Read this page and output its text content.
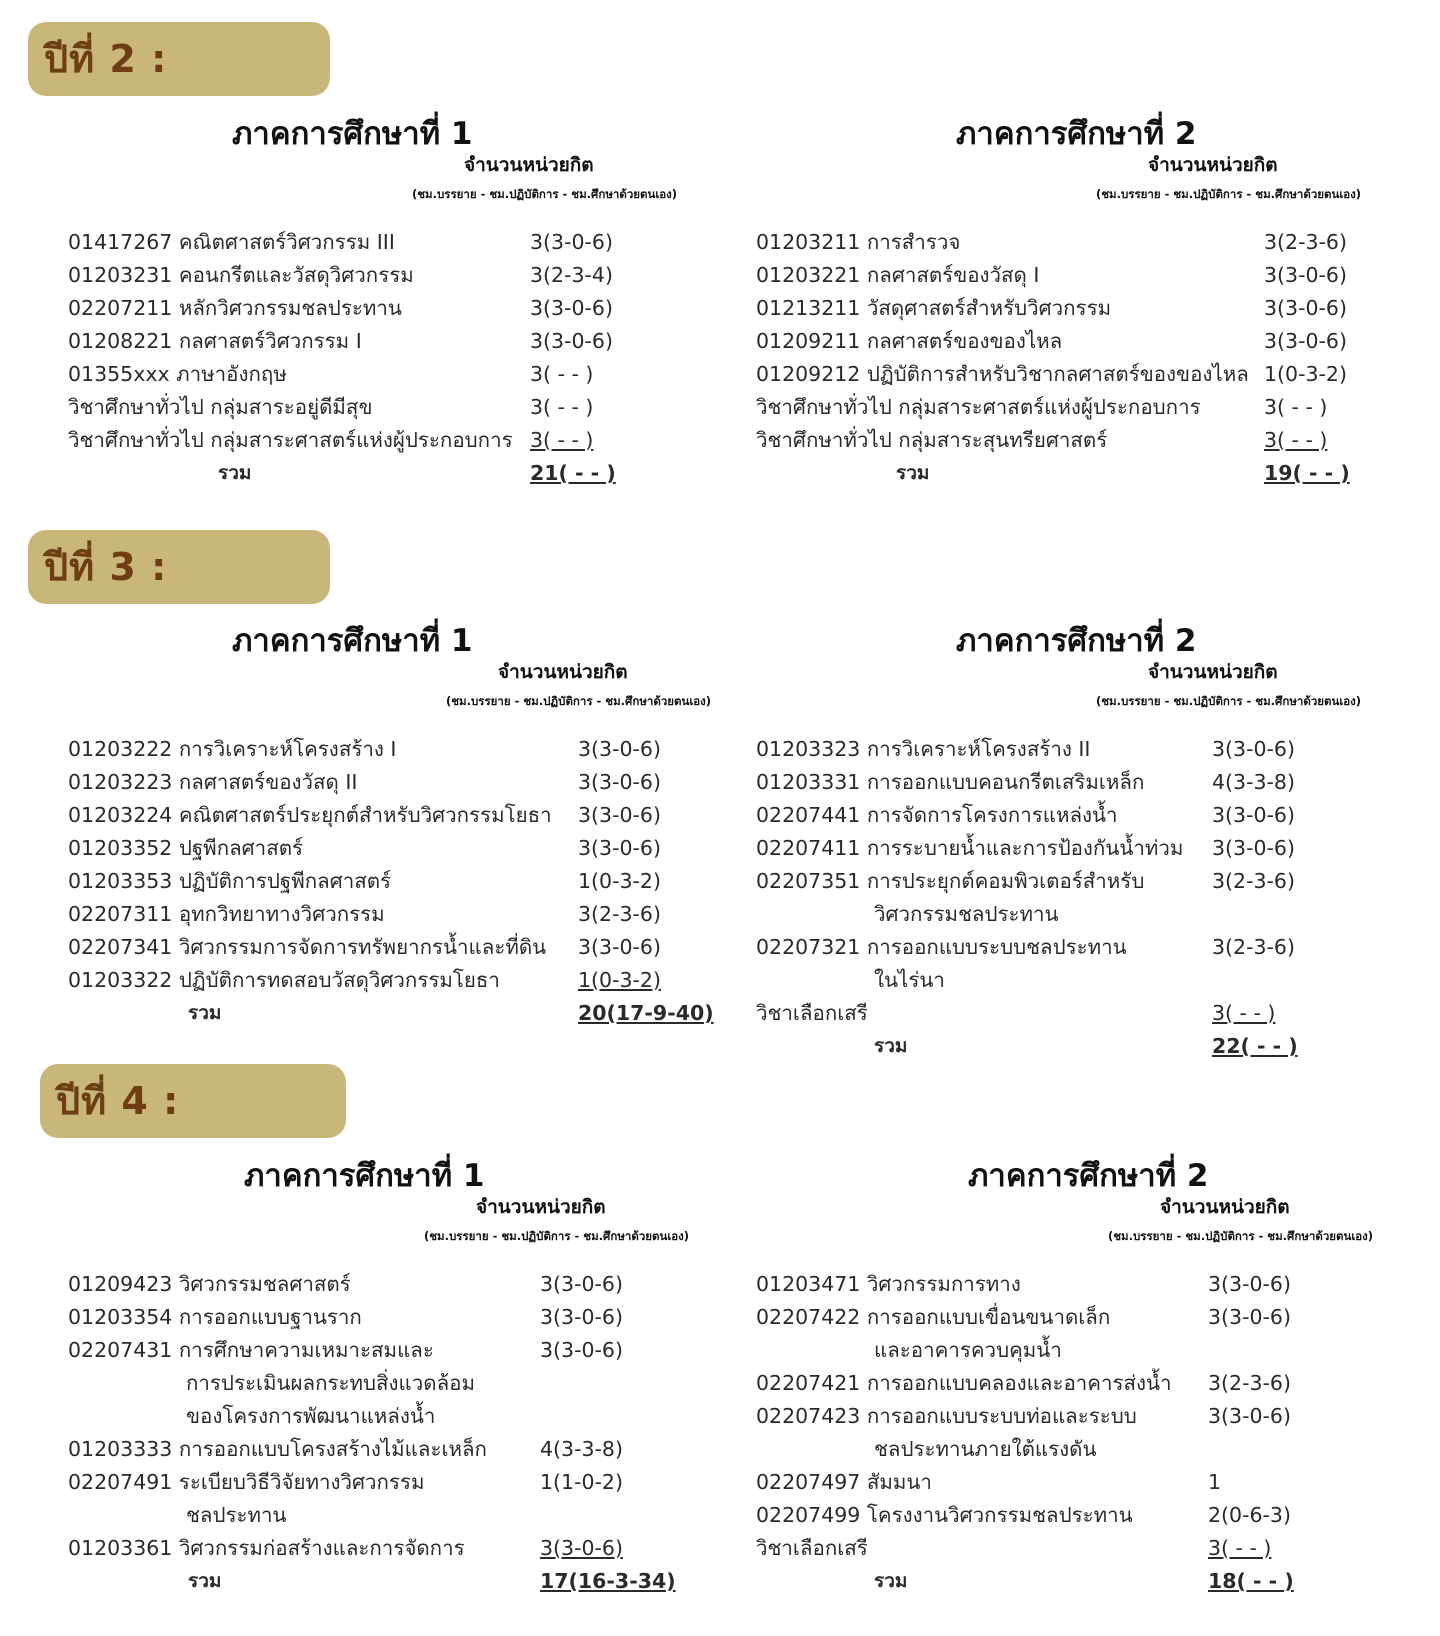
ปีที่ 2 :
ภาคการศึกษาที่ 1
จำนวนหน่วยกิต
(ชม.บรรยาย - ชม.ปฏิบัติการ - ชม.ศึกษาด้วยตนเอง)
01417267 คณิตศาสตร์วิศวกรรม III	3(3-0-6)
01203231 คอนกรีตและวัสดุวิศวกรรม	3(2-3-4)
02207211 หลักวิศวกรรมชลประทาน	3(3-0-6)
01208221 กลศาสตร์วิศวกรรม I	3(3-0-6)
01355xxx ภาษาอังกฤษ	3( - - )
วิชาศึกษาทั่วไป กลุ่มสาระอยู่ดีมีสุข	3( - - )
วิชาศึกษาทั่วไป กลุ่มสาระศาสตร์แห่งผู้ประกอบการ 3( - - )
รวม	21( - - )
ภาคการศึกษาที่ 2
จำนวนหน่วยกิต
(ชม.บรรยาย - ชม.ปฏิบัติการ - ชม.ศึกษาด้วยตนเอง)
01203211 การสำรวจ	3(2-3-6)
01203221 กลศาสตร์ของวัสดุ I	3(3-0-6)
01213211 วัสดุศาสตร์สำหรับวิศวกรรม	3(3-0-6)
01209211 กลศาสตร์ของของไหล	3(3-0-6)
01209212 ปฏิบัติการสำหรับวิชากลศาสตร์ของของไหล 1(0-3-2)
วิชาศึกษาทั่วไป กลุ่มสาระศาสตร์แห่งผู้ประกอบการ	3( - - )
วิชาศึกษาทั่วไป กลุ่มสาระสุนทรียศาสตร์	3( - - )
รวม	19( - - )
ปีที่ 3 :
ภาคการศึกษาที่ 1
จำนวนหน่วยกิต
(ชม.บรรยาย - ชม.ปฏิบัติการ - ชม.ศึกษาด้วยตนเอง)
01203222 การวิเคราะห์โครงสร้าง I	3(3-0-6)
01203223 กลศาสตร์ของวัสดุ II	3(3-0-6)
01203224 คณิตศาสตร์ประยุกต์สำหรับวิศวกรรมโยธา 3(3-0-6)
01203352 ปฐพีกลศาสตร์	3(3-0-6)
01203353 ปฏิบัติการปฐพีกลศาสตร์	1(0-3-2)
02207311 อุทกวิทยาทางวิศวกรรม	3(2-3-6)
02207341 วิศวกรรมการจัดการทรัพยากรน้ำและที่ดิน 3(3-0-6)
01203322 ปฏิบัติการทดสอบวัสดุวิศวกรรมโยธา	1(0-3-2)
รวม	20(17-9-40)
ภาคการศึกษาที่ 2
จำนวนหน่วยกิต
(ชม.บรรยาย - ชม.ปฏิบัติการ - ชม.ศึกษาด้วยตนเอง)
01203323 การวิเคราะห์โครงสร้าง II	3(3-0-6)
01203331 การออกแบบคอนกรีตเสริมเหล็ก	4(3-3-8)
02207441 การจัดการโครงการแหล่งน้ำ	3(3-0-6)
02207411 การระบายน้ำและการป้องกันน้ำท่วม 3(3-0-6)
02207351 การประยุกต์คอมพิวเตอร์สำหรับ	3(2-3-6)
วิศวกรรมชลประทาน
02207321 การออกแบบระบบชลประทาน	3(2-3-6)
ในไร่นา
วิชาเลือกเสรี	3( - - )
รวม	22( - - )
ปีที่ 4 :
ภาคการศึกษาที่ 1
จำนวนหน่วยกิต
(ชม.บรรยาย - ชม.ปฏิบัติการ - ชม.ศึกษาด้วยตนเอง)
01209423 วิศวกรรมชลศาสตร์	3(3-0-6)
01203354 การออกแบบฐานราก	3(3-0-6)
02207431 การศึกษาความเหมาะสมและ	3(3-0-6)
การประเมินผลกระทบสิ่งแวดล้อม
ของโครงการพัฒนาแหล่งน้ำ
01203333 การออกแบบโครงสร้างไม้และเหล็ก	4(3-3-8)
02207491 ระเบียบวิธีวิจัยทางวิศวกรรม	1(1-0-2)
ชลประทาน
01203361 วิศวกรรมก่อสร้างและการจัดการ	3(3-0-6)
รวม	17(16-3-34)
ภาคการศึกษาที่ 2
จำนวนหน่วยกิต
(ชม.บรรยาย - ชม.ปฏิบัติการ - ชม.ศึกษาด้วยตนเอง)
01203471 วิศวกรรมการทาง	3(3-0-6)
02207422 การออกแบบเขื่อนขนาดเล็ก	3(3-0-6)
และอาคารควบคุมน้ำ
02207421 การออกแบบคลองและอาคารส่งน้ำ 3(2-3-6)
02207423 การออกแบบระบบท่อและระบบ	3(3-0-6)
ชลประทานภายใต้แรงดัน
02207497 สัมมนา	1
02207499 โครงงานวิศวกรรมชลประทาน	2(0-6-3)
วิชาเลือกเสรี	3( - - )
รวม	18( - - )
